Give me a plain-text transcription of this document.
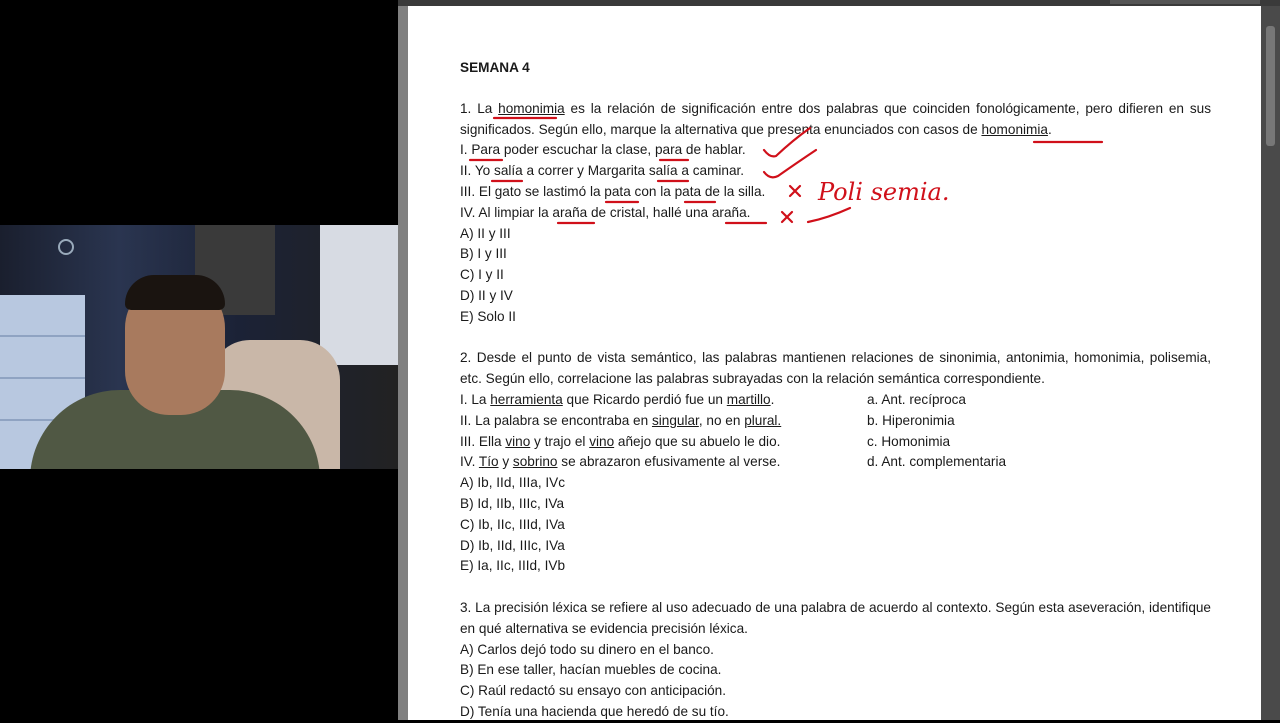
SEMANA 4

1. La homonimia es la relación de significación entre dos palabras que coinciden fonológicamente, pero difieren en sus significados. Según ello, marque la alternativa que presenta enunciados con casos de homonimia.

I. Para poder escuchar la clase, para de hablar.

II. Yo salía a correr y Margarita salía a caminar.

III. El gato se lastimó la pata con la pata de la silla.

IV. Al limpiar la araña de cristal, hallé una araña.

A) II y III

B) I y III

C) I y II

D) II y IV

E) Solo II

2. Desde el punto de vista semántico, las palabras mantienen relaciones de sinonimia, antonimia, homonimia, polisemia, etc. Según ello, correlacione las palabras subrayadas con la relación semántica correspondiente.

I. La herramienta que Ricardo perdió fue un martillo.	a. Ant. recíproca

II. La palabra se encontraba en singular, no en plural.	b. Hiperonimia

III. Ella vino y trajo el vino añejo que su abuelo le dio.	c. Homonimia

IV. Tío y sobrino se abrazaron efusivamente al verse.	d. Ant. complementaria

A) Ib, IId, IIIa, IVc

B) Id, IIb, IIIc, IVa

C) Ib, IIc, IIId, IVa

D) Ib, IId, IIIc, IVa

E) Ia, IIc, IIId, IVb

3. La precisión léxica se refiere al uso adecuado de una palabra de acuerdo al contexto. Según esta aseveración, identifique en qué alternativa se evidencia precisión léxica.

A) Carlos dejó todo su dinero en el banco.

B) En ese taller, hacían muebles de cocina.

C) Raúl redactó su ensayo con anticipación.

D) Tenía una hacienda que heredó de su tío.

Poli semia.
